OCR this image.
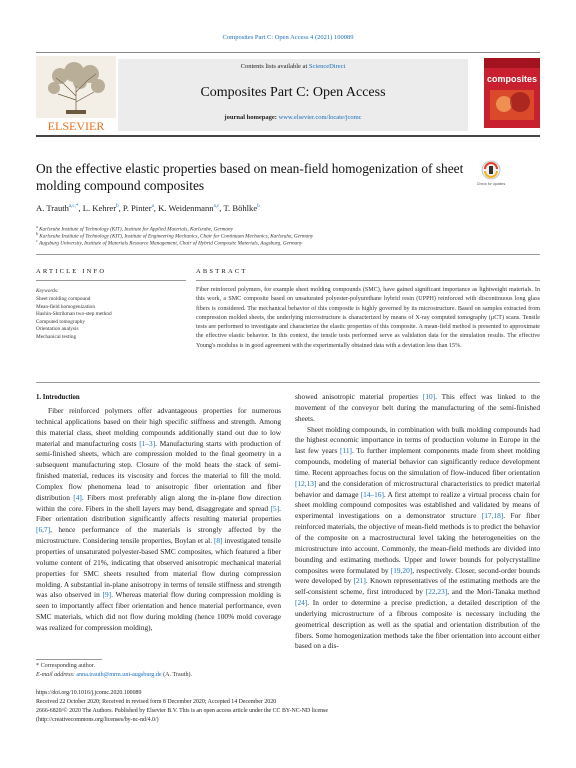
Composites Part C: Open Access 4 (2021) 100089
ELSEVIER
Contents lists available at ScienceDirect
Composites Part C: Open Access
journal homepage: www.elsevier.com/locate/jcomc
composites
On the effective elastic properties based on mean-field homogenization of sheet molding compound composites	Check for updates
A. Trauth$^{a,c,*}$, L. Kehrer$^b$, P. Pinter$^a$, K. Weidenmann$^{a,c}$, T. Böhlke$^b$
$^a$ Karlsruhe Institute of Technology (KIT), Institute for Applied Materials, Karlsruhe, Germany
$^b$ Karlsruhe Institute of Technology (KIT), Institute of Engineering Mechanics, Chair for Continuum Mechanics, Karlsruhe, Germany
$^c$ Augsburg University, Institute of Materials Resource Management, Chair of Hybrid Composite Materials, Augsburg, Germany
ARTICLE INFO
Keywords:
Sheet molding compound
Mean-field homogenization
Hashin-Shtrikman two-step method
Computed tomography
Orientation analysis
Mechanical testing
ABSTRACT
Fiber reinforced polymers, for example sheet molding compounds (SMC), have gained significant importance as lightweight materials. In this work, a SMC composite based on unsaturated polyester-polyurethane hybrid resin (UPPH) reinforced with discontinuous long glass fibers is considered. The mechanical behavior of this composite is highly governed by its microstructure. Based on samples extracted from compression molded sheets, the underlying microstructure is characterized by means of X-ray computed tomography (μCT) scans. Tensile tests are performed to investigate and characterize the elastic properties of this composite. A mean-field method is presented to approximate the effective elastic behavior. In this context, the tensile tests performed serve as validation data for the simulation results. The effective Young's modulus is in good agreement with the experimentally obtained data with a deviation less than 15%.
1. Introduction

Fiber reinforced polymers offer advantageous properties for numerous technical applications based on their high specific stiffness and strength. Among this material class, sheet molding compounds additionally stand out due to low material and manufacturing costs [1–3]. Manufacturing starts with production of semi-finished sheets, which are compression molded to the final geometry in a subsequent manufacturing step. Closure of the mold heats the stack of semi-finished material, reduces its viscosity and forces the material to fill the mold. Complex flow phenomena lead to anisotropic fiber orientation and fiber distribution [4]. Fibers most preferably align along the in-plane flow direction within the core. Fibers in the shell layers may bend, disaggregate and spread [5]. Fiber orientation distribution significantly affects resulting material properties [6,7], hence performance of the materials is strongly affected by the microstructure. Considering tensile properties, Boylan et al. [8] investigated tensile properties of unsaturated polyester-based SMC composites, which featured a fiber volume content of 21%, indicating that observed anisotropic mechanical material properties for SMC sheets resulted from material flow during compression molding. A substantial in-plane anisotropy in terms of tensile stiffness and strength was also observed in [9]. Whereas material flow during compression molding is seen to importantly affect fiber orientation and hence material performance, even SMC materials, which did not flow during molding (hence 100% mold coverage was realized for compression molding),

showed anisotropic material properties [10]. This effect was linked to the movement of the conveyor belt during the manufacturing of the semi-finished sheets.

Sheet molding compounds, in combination with bulk molding compounds had the highest economic importance in terms of production volume in Europe in the last few years [11]. To further implement components made from sheet molding compounds, modeling of material behavior can significantly reduce development time. Recent approaches focus on the simulation of flow-induced fiber orientation [12,13] and the consideration of microstructural characteristics to predict material behavior and damage [14–16]. A first attempt to realize a virtual process chain for sheet molding compound composites was established and validated by means of experimental investigations on a demonstrator structure [17,18]. For fiber reinforced materials, the objective of mean-field methods is to predict the behavior of the composite on a macrostructural level taking the heterogeneities on the microstructure into account. Commonly, the mean-field methods are divided into bounding and estimating methods. Upper and lower bounds for polycrystalline composites were formulated by [19,20], respectively. Closer, second-order bounds were developed by [21]. Known representatives of the estimating methods are the self-consistent scheme, first introduced by [22,23], and the Mori-Tanaka method [24]. In order to determine a precise prediction, a detailed description of the underlying microstructure of a fibrous composite is necessary including the geometrical description as well as the spatial and orientation distribution of the fibers. Some homogenization methods take the fiber orientation into account either based on a dis-

* Corresponding author.
E-mail address: anna.trauth@mrm.uni-augsburg.de (A. Trauth).
https://doi.org/10.1016/j.jcomc.2020.100089
Received 22 October 2020; Received in revised form 8 December 2020; Accepted 14 December 2020
2666-6820/© 2020 The Authors. Published by Elsevier B.V. This is an open access article under the CC BY-NC-ND license
(http://creativecommons.org/licenses/by-nc-nd/4.0/)
